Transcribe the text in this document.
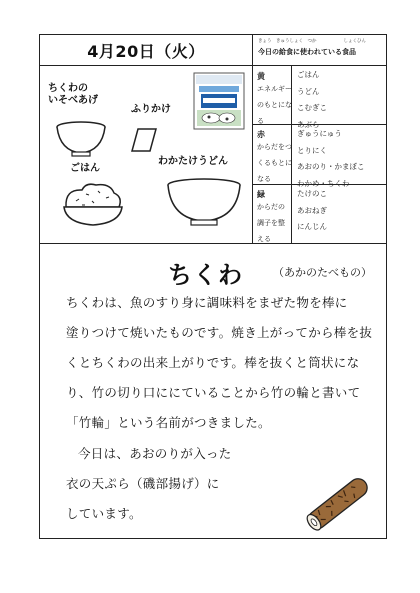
4月20日（火）	きょう　きゅうしょく　つか　　　　　　しょくひん
今日の給食に使われている食品
ちくわの
いそべあげ
ふりかけ
ごはん
わかたけうどん
黄
エネルギー
のもとにな
る
ごはん
うどん
こむぎこ
あぶら
赤
からだをつ
くるもとに
なる
ぎゅうにゅう
とりにく
あおのり・かまぼこ
わかめ・ちくわ
緑
からだの
調子を整
える
たけのこ
あおねぎ
にんじん
ちくわ	（あかのたべもの）
ちくわは、魚のすり身に調味料をまぜた物を棒に
塗りつけて焼いたものです。焼き上がってから棒を抜
くとちくわの出来上がりです。棒を抜くと筒状にな
り、竹の切り口ににていることから竹の輪と書いて
「竹輪」という名前がつきました。
今日は、あおのりが入った
衣の天ぷら（磯部揚げ）に
しています。
